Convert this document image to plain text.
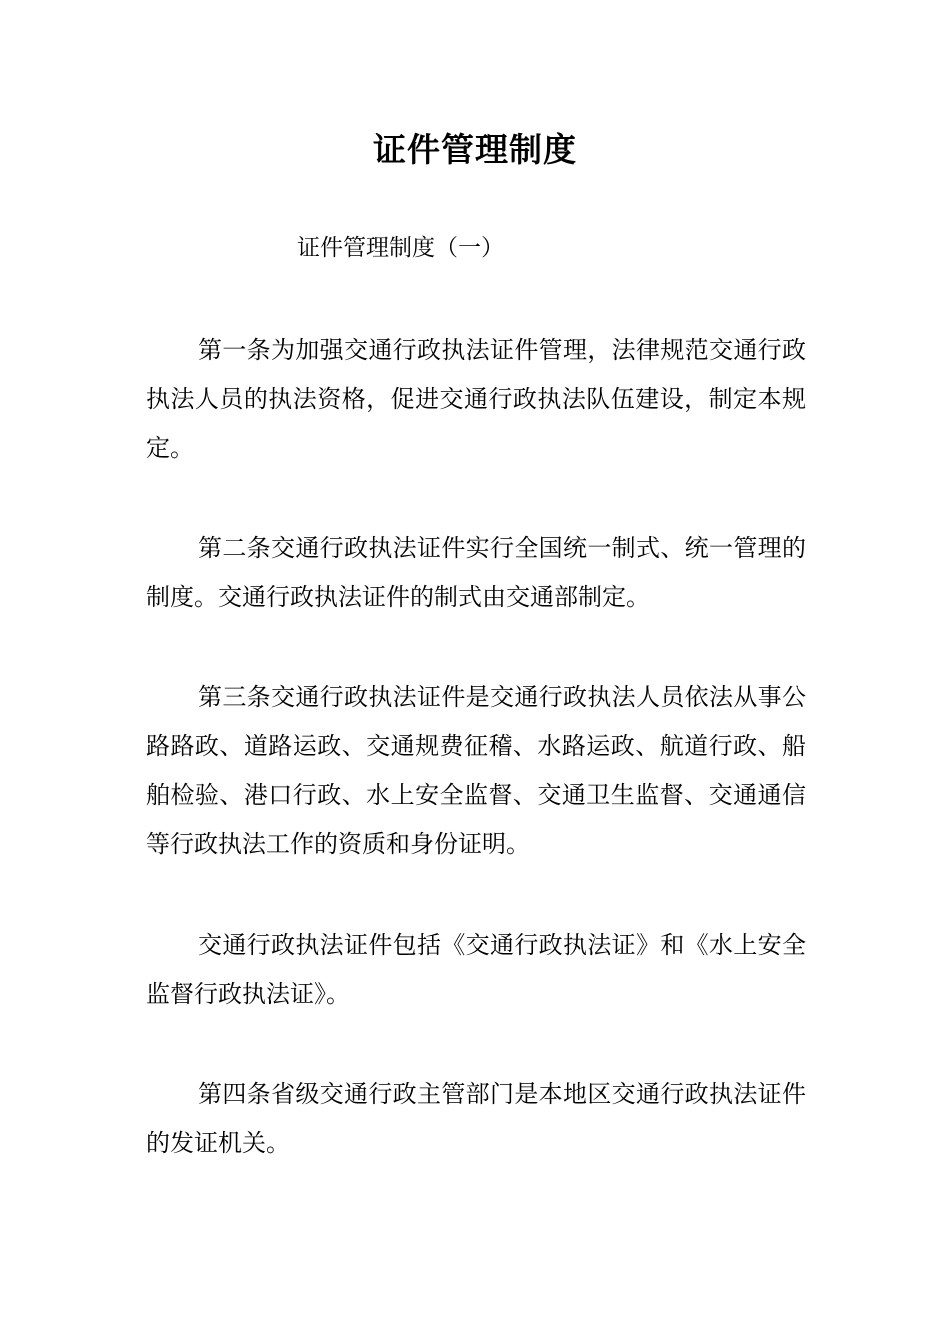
证件管理制度

证件管理制度（一）

第一条为加强交通行政执法证件管理，法律规范交通行政执法人员的执法资格，促进交通行政执法队伍建设，制定本规定。

第二条交通行政执法证件实行全国统一制式、统一管理的制度。交通行政执法证件的制式由交通部制定。

第三条交通行政执法证件是交通行政执法人员依法从事公路路政、道路运政、交通规费征稽、水路运政、航道行政、船舶检验、港口行政、水上安全监督、交通卫生监督、交通通信等行政执法工作的资质和身份证明。

交通行政执法证件包括《交通行政执法证》和《水上安全监督行政执法证》。

第四条省级交通行政主管部门是本地区交通行政执法证件的发证机关。
